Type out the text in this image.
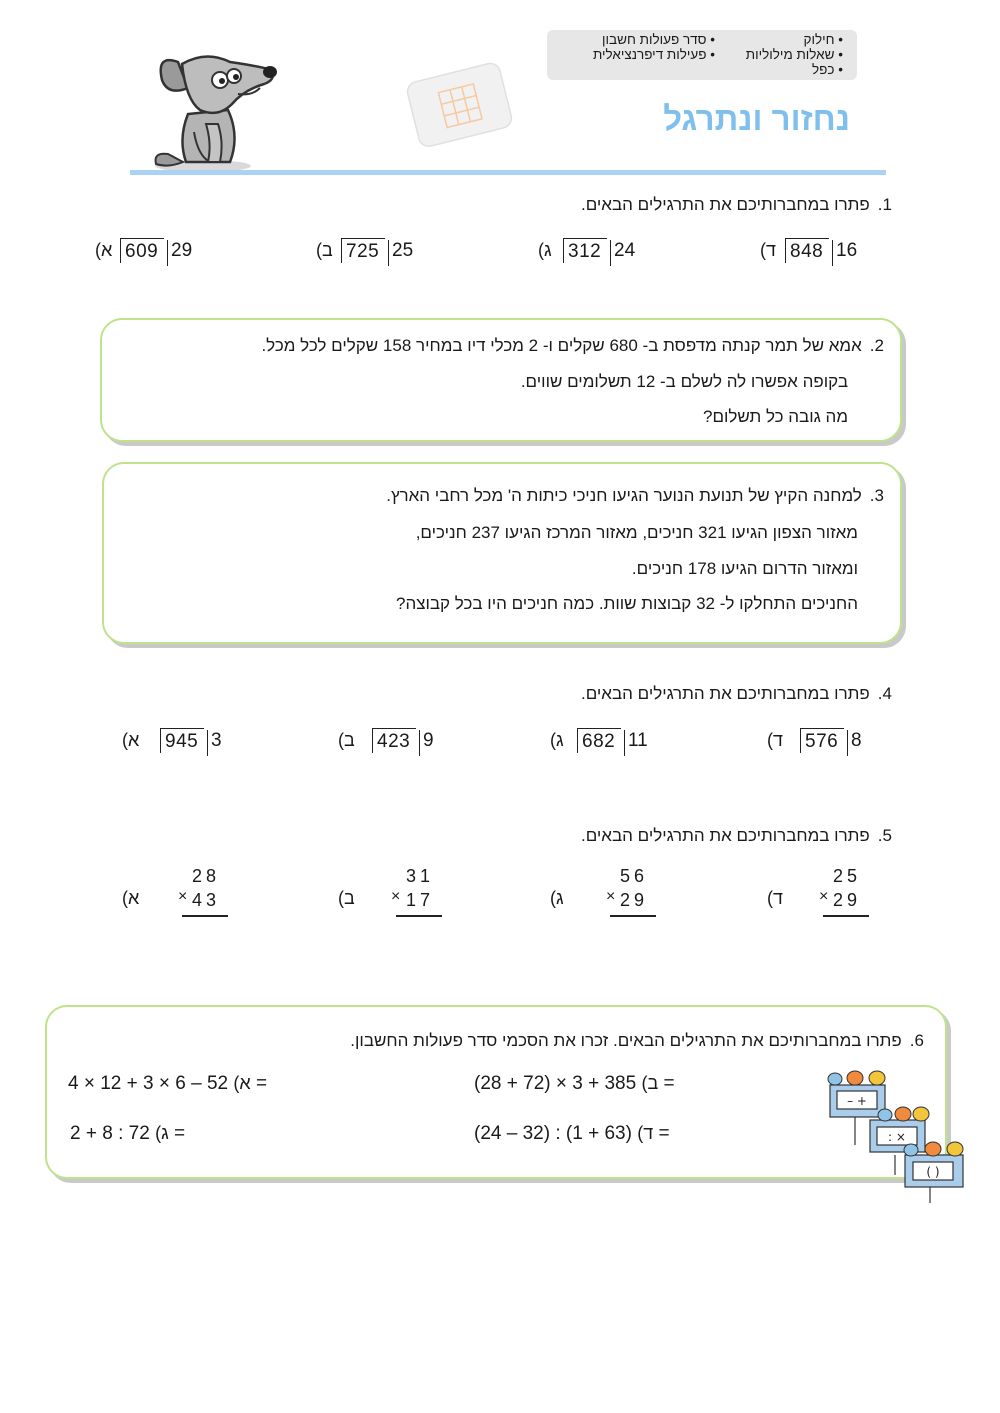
• חילוק
• שאלות מילוליות
• כפל
• סדר פעולות חשבון
• פעילות דיפרנציאלית
נחזור ונתרגל
1.פתרו במחברותיכם את התרגילים הבאים.
א) 609 29	ב) 725 25	ג) 312 24	ד) 848 16
2.אמא של תמר קנתה מדפסת ב- 680 שקלים ו- 2 מכלי דיו במחיר 158 שקלים לכל מכל.
בקופה אפשרו לה לשלם ב- 12 תשלומים שווים.
מה גובה כל תשלום?
3.למחנה הקיץ של תנועת הנוער הגיעו חניכי כיתות ה' מכל רחבי הארץ.
מאזור הצפון הגיעו 321 חניכים, מאזור המרכז הגיעו 237 חניכים,
ומאזור הדרום הגיעו 178 חניכים.
החניכים התחלקו ל- 32 קבוצות שוות. כמה חניכים היו בכל קבוצה?
4.פתרו במחברותיכם את התרגילים הבאים.
א) 945 3	ב) 423 9	ג) 682 11	ד) 576 8
5.פתרו במחברותיכם את התרגילים הבאים.
א) ×
28
43	ב) ×
31
17	ג)	×
56
29	ד) ×
25
29
6.פתרו במחברותיכם את התרגילים הבאים. זכרו את הסכמי סדר פעולות החשבון.
א) 52 – 6 × 3 + 12 × 4 =	ב) 385 + 3 × (72 + 28) =
ג) 72 : 8 + 2 =	ד) (63 + 1) : (32 – 24) =
– +
: ×
( )
